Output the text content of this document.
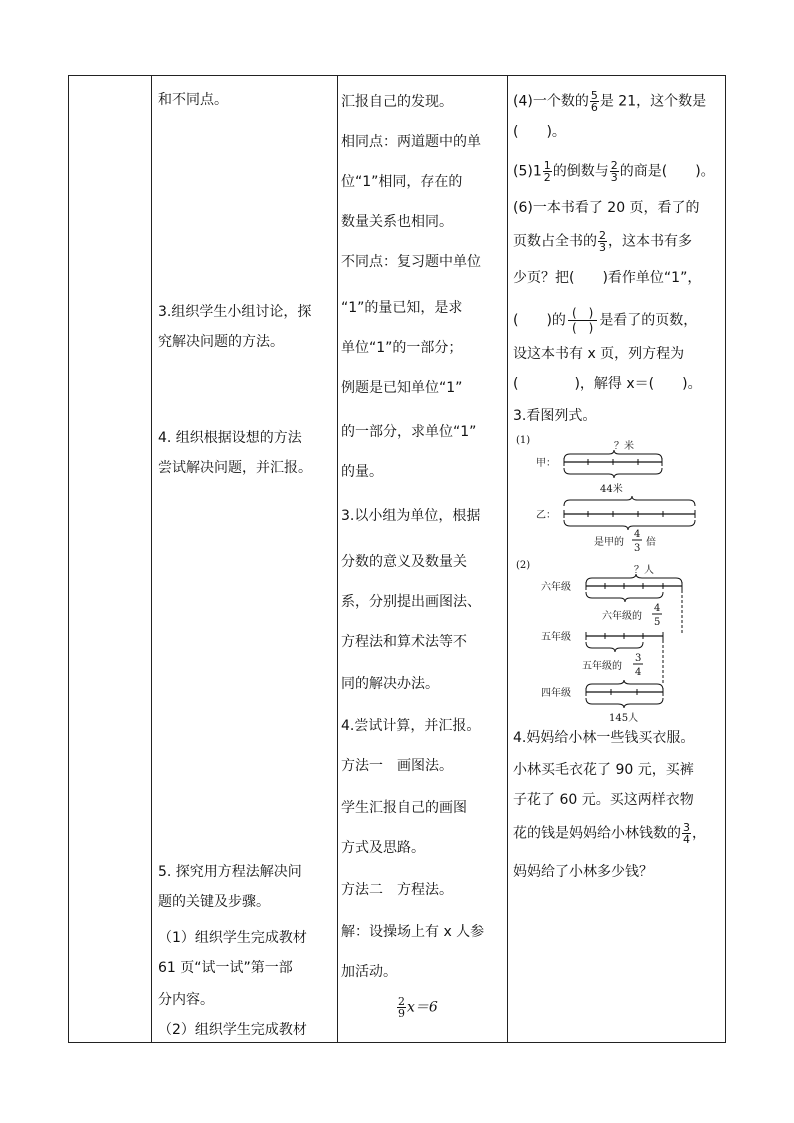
和不同点。
3.组织学生小组讨论，探
究解决问题的方法。
4. 组织根据设想的方法
尝试解决问题，并汇报。
5. 探究用方程法解决问
题的关键及步骤。
（1）组织学生完成教材
61 页“试一试”第一部
分内容。
（2）组织学生完成教材
汇报自己的发现。
相同点：两道题中的单
位“1”相同，存在的
数量关系也相同。
不同点：复习题中单位
“1”的量已知，是求
单位“1”的一部分；
例题是已知单位“1”
的一部分，求单位“1”
的量。
3.以小组为单位，根据
分数的意义及数量关
系，分别提出画图法、
方程法和算术法等不
同的解决办法。
4.尝试计算，并汇报。
方法一　画图法。
学生汇报自己的画图
方式及思路。
方法二　方程法。
解：设操场上有 x 人参
加活动。
$\frac{2}{9} x=6$
(4)一个数的 $\frac{5}{6}$ 是 21，这个数是
(　　)。
$(5)1 \frac{1}{2}$ 的倒数与 $\frac{2}{3}$ 的商是(　　)。
(6)一本书看了 20 页，看了的
页数占全书的 $\frac{2}{3}$ ，这本书有多
少页？把(　　)看作单位“1”，
(　　)的 $\frac{( )}{( )}$ 是看了的页数，
设这本书有 x 页，列方程为
(　　　　)，解得 x＝(　　)。
3.看图列式。
(1)
？米
甲：
44米
乙：
是甲的
4
3
倍
(2)	？人
六年级
六年级的
4
5
五年级
五年级的
3
4
四年级
145人
4.妈妈给小林一些钱买衣服。
小林买毛衣花了 90 元，买裤
子花了 60 元。买这两样衣物
花的钱是妈妈给小林钱数的 $\frac{3}{4}$ ，
妈妈给了小林多少钱？
